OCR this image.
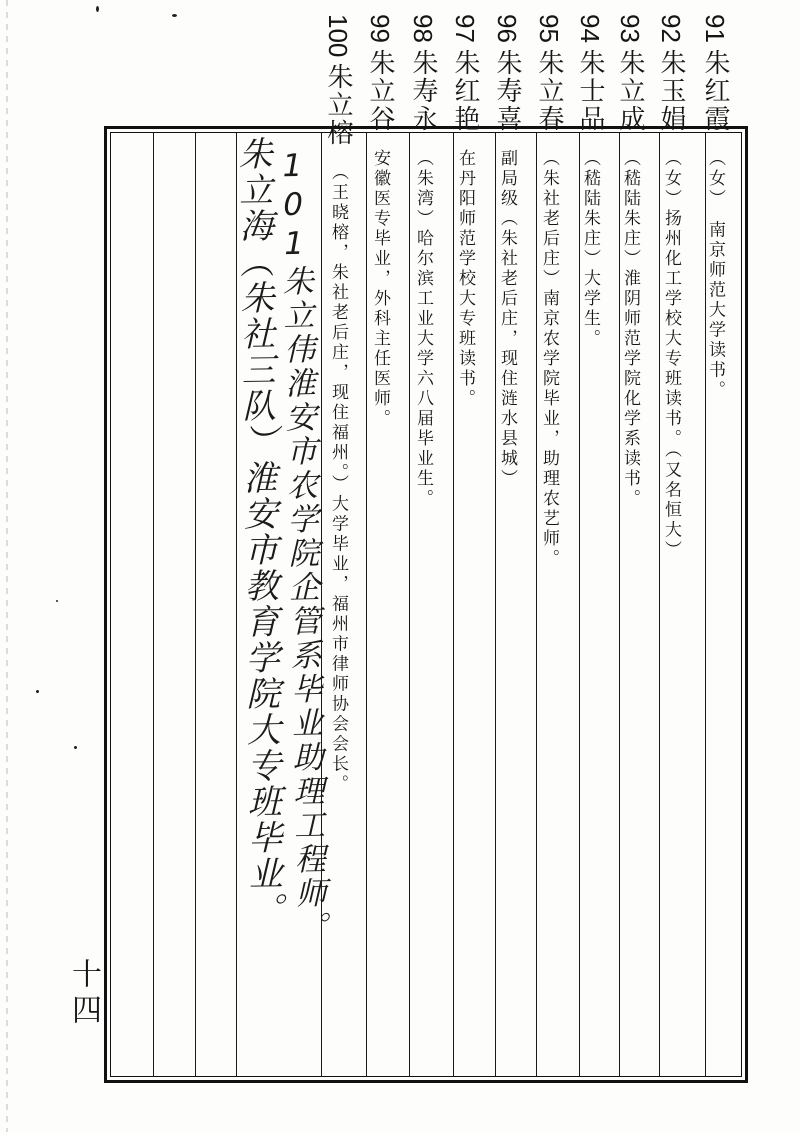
91朱红霞（女）　南京师范大学读书。
92朱玉娟（女）扬州化工学校大专班读书。（又名恒大）
93朱立成（嵇陆朱庄）淮阴师范学院化学系读书。
94朱士品（嵇陆朱庄）大学生。
95朱立春（朱社老后庄）南京农学院毕业，助理农艺师。
96朱寿喜副局级（朱社老后庄，现住涟水县城）
97朱红艳在丹阳师范学校大专班读书。
98朱寿永（朱湾）哈尔滨工业大学六八届毕业生。
99朱立谷安徽医专毕业，外科主任医师。
100朱立榕（王晓榕，朱社老后庄，现住福州。）大学毕业，福州市律师协会会长。
101朱立伟淮安市农学院企管系毕业助理工程师。
朱立海（朱社三队）淮安市教育学院大专班毕业。
十四
